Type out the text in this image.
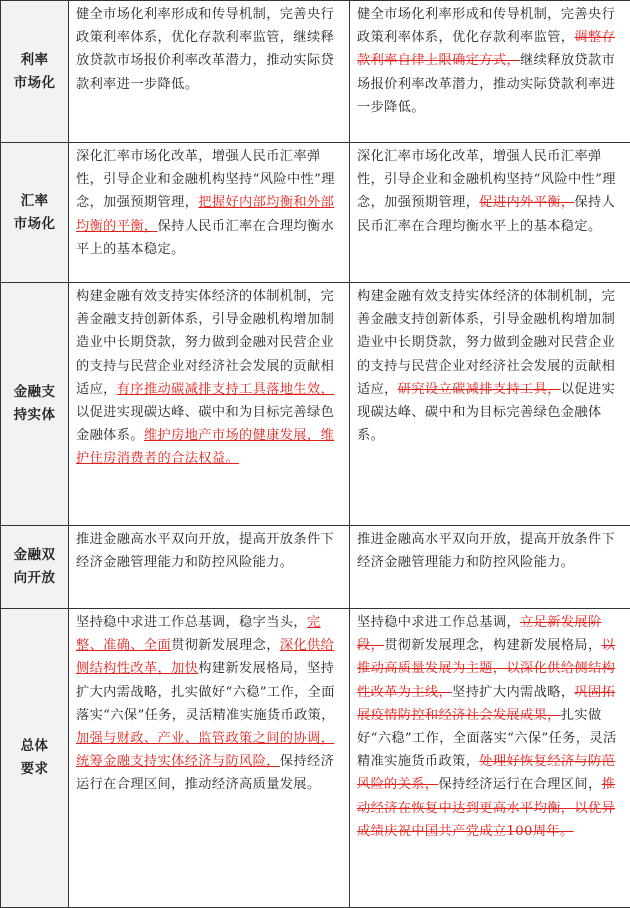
利率
市场化	健全市场化利率形成和传导机制，完善央行政策利率体系，优化存款利率监管，继续释放贷款市场报价利率改革潜力，推动实际贷款利率进一步降低。	健全市场化利率形成和传导机制，完善央行政策利率体系，优化存款利率监管，调整存款利率自律上限确定方式，继续释放贷款市场报价利率改革潜力，推动实际贷款利率进一步降低。
汇率
市场化	深化汇率市场化改革，增强人民币汇率弹性，引导企业和金融机构坚持“风险中性”理念，加强预期管理，把握好内部均衡和外部均衡的平衡，保持人民币汇率在合理均衡水平上的基本稳定。	深化汇率市场化改革，增强人民币汇率弹性，引导企业和金融机构坚持“风险中性”理念，加强预期管理，促进内外平衡，保持人民币汇率在合理均衡水平上的基本稳定。
金融支
持实体	构建金融有效支持实体经济的体制机制，完善金融支持创新体系，引导金融机构增加制造业中长期贷款，努力做到金融对民营企业的支持与民营企业对经济社会发展的贡献相适应，有序推动碳减排支持工具落地生效，以促进实现碳达峰、碳中和为目标完善绿色金融体系。维护房地产市场的健康发展，维护住房消费者的合法权益。	构建金融有效支持实体经济的体制机制，完善金融支持创新体系，引导金融机构增加制造业中长期贷款，努力做到金融对民营企业的支持与民营企业对经济社会发展的贡献相适应，研究设立碳减排支持工具，以促进实现碳达峰、碳中和为目标完善绿色金融体系。
金融双
向开放	推进金融高水平双向开放，提高开放条件下经济金融管理能力和防控风险能力。	推进金融高水平双向开放，提高开放条件下经济金融管理能力和防控风险能力。
总体
要求	坚持稳中求进工作总基调，稳字当头，完整、准确、全面贯彻新发展理念，深化供给侧结构性改革，加快构建新发展格局，坚持扩大内需战略，扎实做好“六稳”工作，全面落实“六保”任务，灵活精准实施货币政策，加强与财政、产业、监管政策之间的协调，统筹金融支持实体经济与防风险，保持经济运行在合理区间，推动经济高质量发展。	坚持稳中求进工作总基调，立足新发展阶段，贯彻新发展理念，构建新发展格局，以推动高质量发展为主题，以深化供给侧结构性改革为主线，坚持扩大内需战略，巩固拓展疫情防控和经济社会发展成果，扎实做好“六稳”工作，全面落实“六保”任务，灵活精准实施货币政策，处理好恢复经济与防范风险的关系，保持经济运行在合理区间，推动经济在恢复中达到更高水平均衡，以优异成绩庆祝中国共产党成立100周年。
